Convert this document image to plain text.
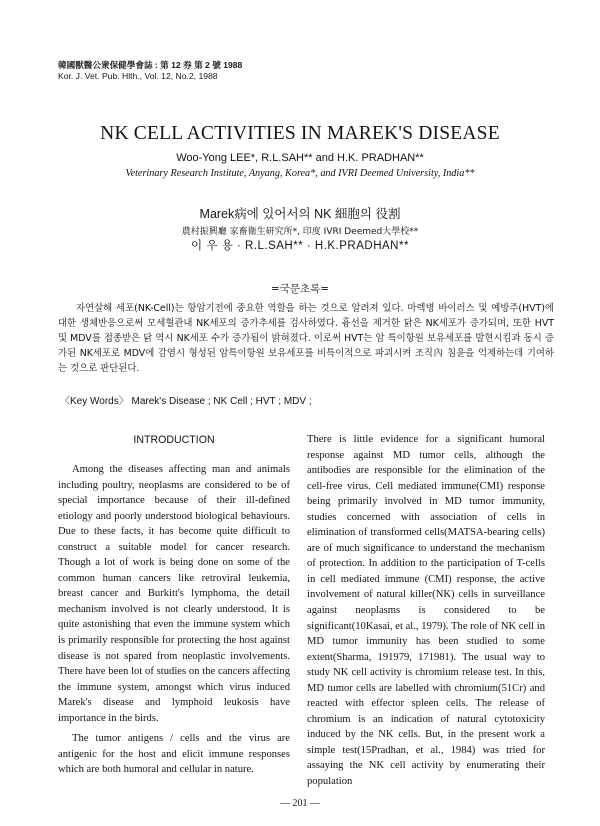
韓國獸醫公衆保健學會誌 : 第 12 券 第 2 號 1988
Kor. J. Vet. Pub. Hlth., Vol. 12, No.2, 1988
NK CELL ACTIVITIES IN MAREK'S DISEASE
Woo-Yong LEE*, R.L.SAH** and H.K. PRADHAN**
Veterinary Research Institute, Anyang, Korea*, and IVRI Deemed University, India**
Marek病에 있어서의 NK 細胞의 役割
農村振興廳 家畜衛生研究所*, 印度 IVRI Deemed大學校**
이 우 용 · R.L.SAH** · H.K.PRADHAN**
=국문초록=
자연살해 세포(NK-Cell)는 항암기전에 중요한 역할을 하는 것으로 알려져 있다. 마렉병 바이러스 및 예방주(HVT)에 대한 생체반응으로써 모세혈관내 NK세포의 증가추세를 검사하였다. 흉선을 제거한 닭은 NK세포가 증가되며, 또한 HVT 및 MDV를 접종받은 닭 역시 NK세포 수가 증가됨이 밝혀졌다. 이로써 HVT는 암 특이항원 보유세포를 발현시킴과 동시 증가된 NK세포로 MDV에 감염시 형성된 암특이항원 보유세포를 비특이적으로 파괴시켜 조직內 침윤을 억제하는데 기여하는 것으로 판단된다.
〈Key Words〉 Marek's Disease ; NK Cell ; HVT ; MDV ;
INTRODUCTION

Among the diseases affecting man and animals including poultry, neoplasms are considered to be of special importance because of their ill-defined etiology and poorly understood biological behaviours. Due to these facts, it has become quite difficult to construct a suitable model for cancer research. Though a lot of work is being done on some of the common human cancers like retroviral leukemia, breast cancer and Burkitt's lymphoma, the detail mechanism involved is not clearly understood. It is quite astonishing that even the immune system which is primarily responsible for protecting the host against disease is not spared from neoplastic involvements. There have been lot of studies on the cancers affecting the immune system, amongst which virus induced Marek's disease and lymphoid leukosis have importance in the birds.

The tumor antigens / cells and the virus are antigenic for the host and elicit immune responses which are both humoral and cellular in nature.

There is little evidence for a significant humoral response against MD tumor cells, although the antibodies are responsible for the elimination of the cell-free virus. Cell mediated immune(CMI) response being primarily involved in MD tumor immunity, studies concerned with association of cells in elimination of transformed cells(MATSA-bearing cells) are of much significance to understand the mechanism of protection. In addition to the participation of T-cells in cell mediated immune (CMI) response, the active involvement of natural killer(NK) cells in surveillance against neoplasms is considered to be significant(10Kasai, et al., 1979). The role of NK cell in MD tumor immunity has been studied to some extent(Sharma, 191979, 171981). The usual way to study NK cell activity is chromium release test. In this, MD tumor cells are labelled with chromium(51Cr) and reacted with effector spleen cells. The release of chromium is an indication of natural cytotoxicity induced by the NK cells. But, in the present work a simple test(15Pradhan, et al., 1984) was tried for assaying the NK cell activity by enumerating their population

— 201 —
